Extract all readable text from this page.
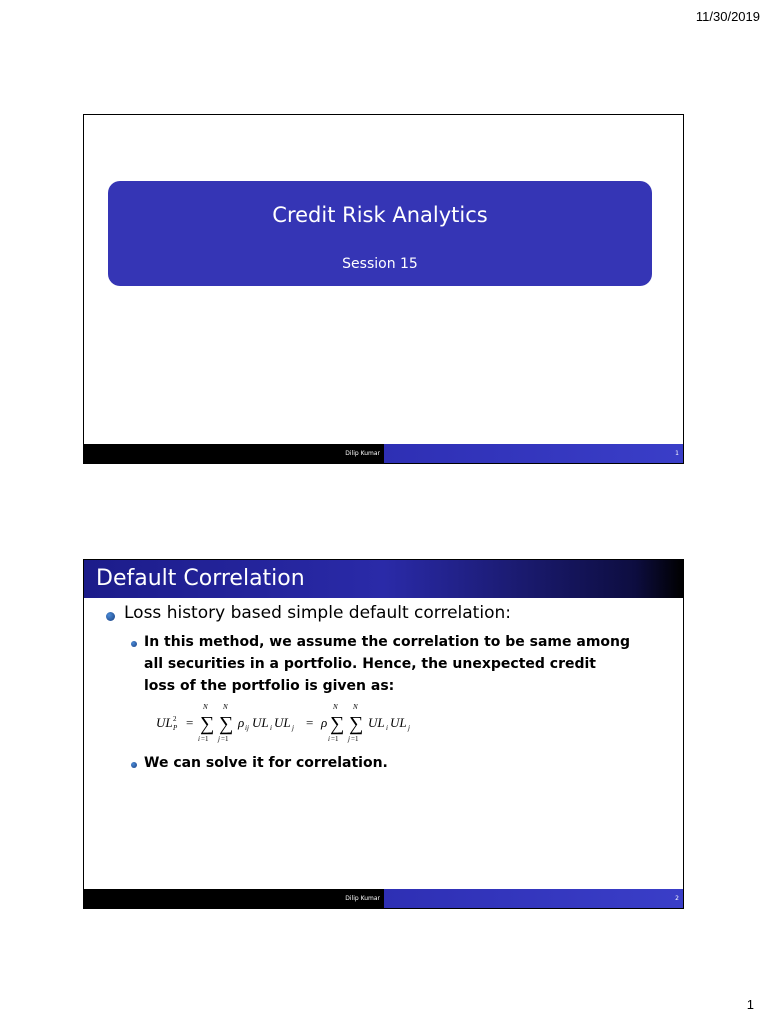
11/30/2019
Credit Risk Analytics
Session 15
Dilip Kumar	1
Default Correlation
Loss history based simple default correlation:
In this method, we assume the correlation to be same among all securities in a portfolio. Hence, the unexpected credit loss of the portfolio is given as:
UL 2
P = ∑
N
i =1
∑
N
j =1
ρ ij UL i UL j = ρ ∑
N
i =1
∑
N
j =1
UL i UL j
We can solve it for correlation.
Dilip Kumar	2
1
